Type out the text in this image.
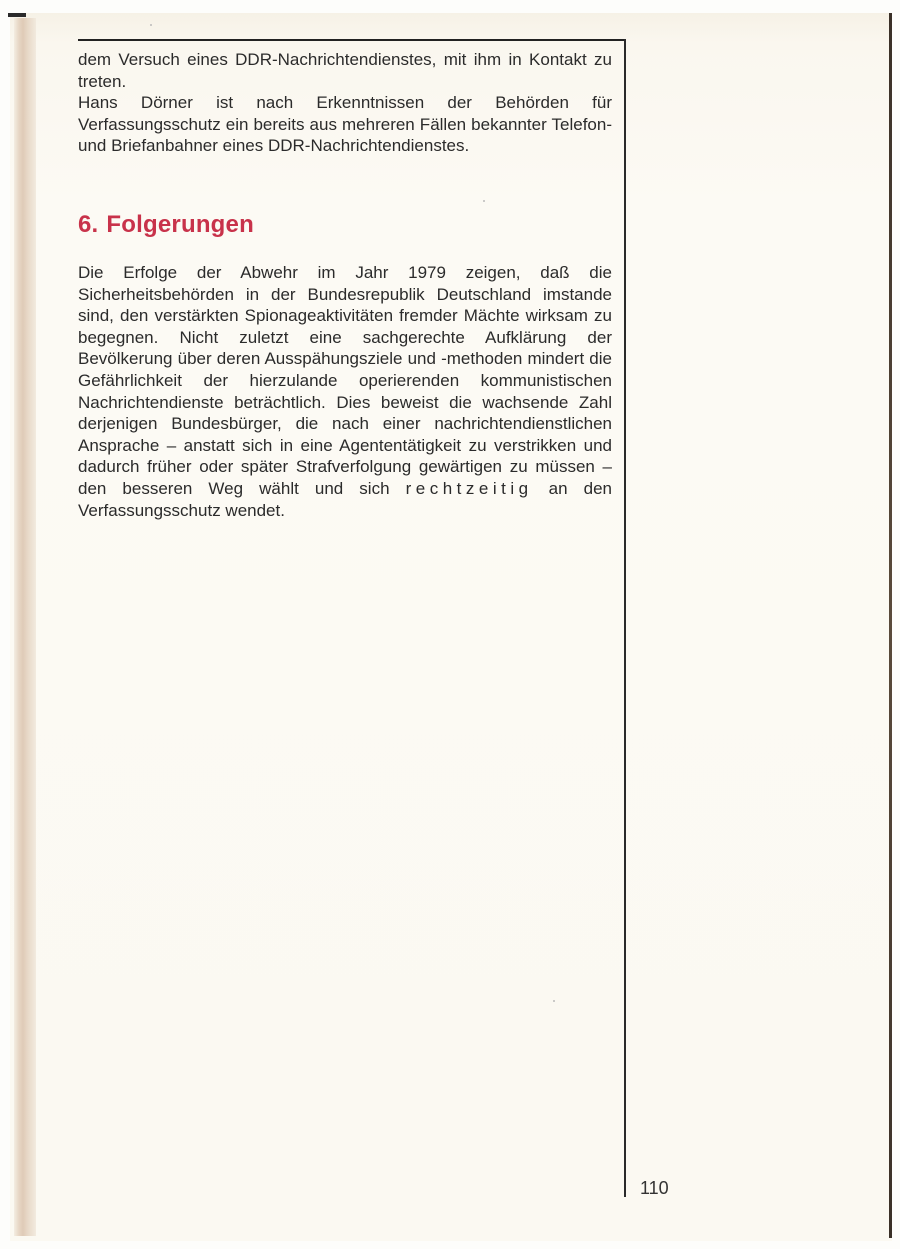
dem Versuch eines DDR-Nachrichtendienstes, mit ihm in Kontakt zu treten.

Hans Dörner ist nach Erkenntnissen der Behörden für Verfassungsschutz ein bereits aus mehreren Fällen bekannter Telefon- und Briefanbahner eines DDR-Nachrichtendienstes.

6. Folgerungen

Die Erfolge der Abwehr im Jahr 1979 zeigen, daß die Sicherheitsbehörden in der Bundesrepublik Deutschland imstande sind, den verstärkten Spionageaktivitäten fremder Mächte wirksam zu begegnen. Nicht zuletzt eine sachgerechte Aufklärung der Bevölkerung über deren Ausspähungsziele und -methoden mindert die Gefährlichkeit der hierzulande operierenden kommunistischen Nachrichtendienste beträchtlich. Dies beweist die wachsende Zahl derjenigen Bundesbürger, die nach einer nachrichtendienstlichen Ansprache – anstatt sich in eine Agententätigkeit zu verstrikken und dadurch früher oder später Strafverfolgung gewärtigen zu müssen – den besseren Weg wählt und sich rechtzeitig an den Verfassungsschutz wendet.

110
